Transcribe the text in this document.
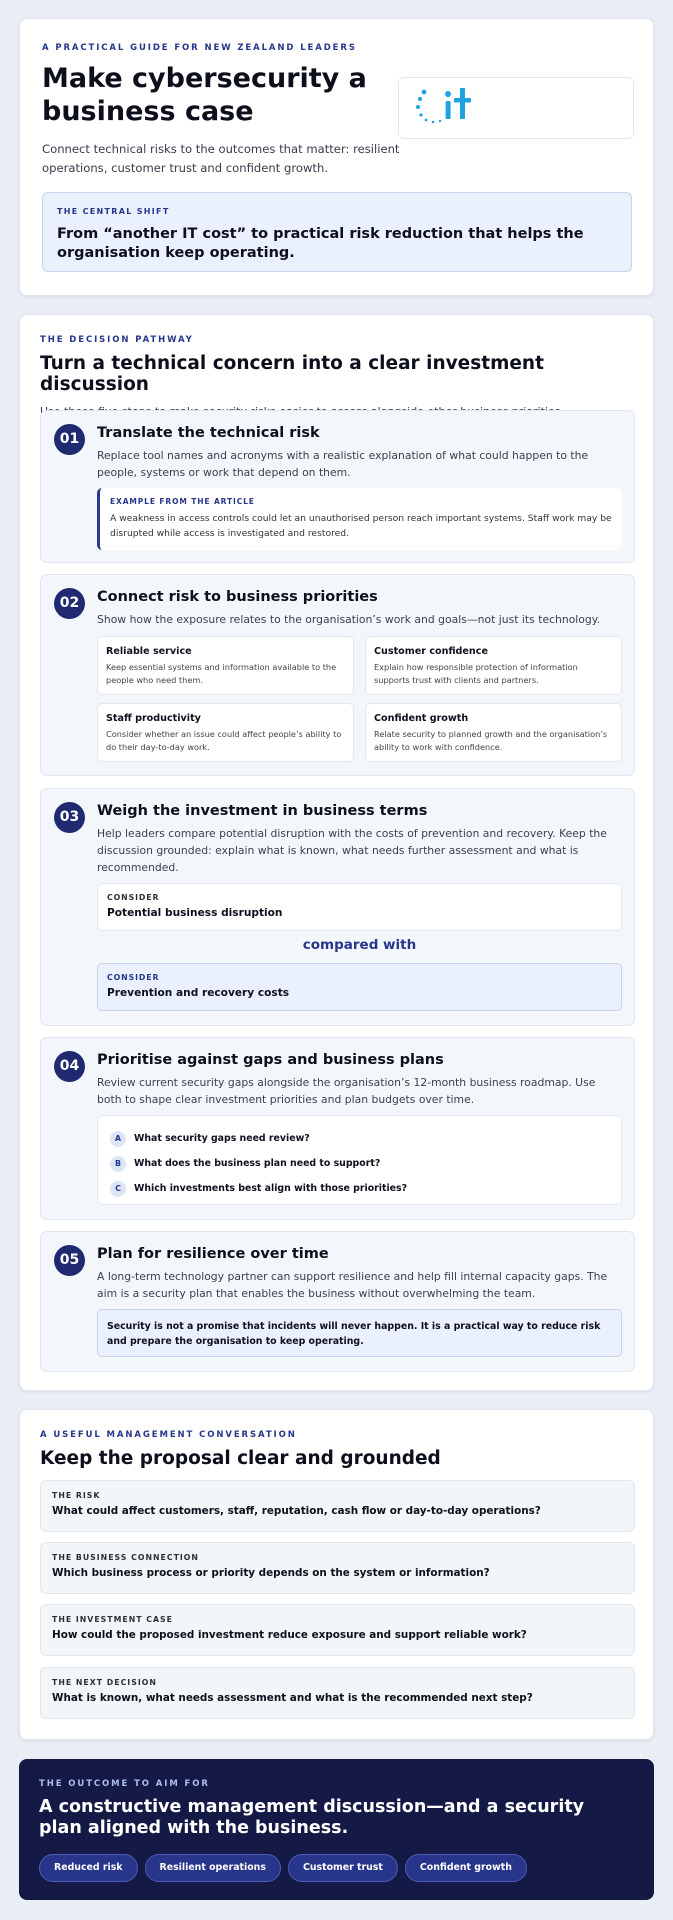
A PRACTICAL GUIDE FOR NEW ZEALAND LEADERS
Make cybersecurity a business case

Connect technical risks to the outcomes that matter: resilient operations, customer trust and confident growth.

THE CENTRAL SHIFT
From “another IT cost” to practical risk reduction that helps the organisation keep operating.
THE DECISION PATHWAY
Turn a technical concern into a clear investment discussion

01	Translate the technical risk
Replace tool names and acronyms with a realistic explanation of what could happen to the people, systems or work that depend on them.
EXAMPLE FROM THE ARTICLE
A weakness in access controls could let an unauthorised person reach important systems. Staff work may be disrupted while access is investigated and restored.
02	Connect risk to business priorities
Show how the exposure relates to the organisation’s work and goals—not just its technology.
Reliable service
Keep essential systems and information available to the people who need them.
Customer confidence
Explain how responsible protection of information supports trust with clients and partners.
Staff productivity
Consider whether an issue could affect people’s ability to do their day-to-day work.
Confident growth
Relate security to planned growth and the organisation’s ability to work with confidence.
03	Weigh the investment in business terms
Help leaders compare potential disruption with the costs of prevention and recovery. Keep the discussion grounded: explain what is known, what needs further assessment and what is recommended.
CONSIDER
Potential business disruption
compared with
CONSIDER
Prevention and recovery costs
04	Prioritise against gaps and business plans
Review current security gaps alongside the organisation’s 12-month business roadmap. Use both to shape clear investment priorities and plan budgets over time.
A	What security gaps need review?
B	What does the business plan need to support?
C	Which investments best align with those priorities?
05	Plan for resilience over time
A long-term technology partner can support resilience and help fill internal capacity gaps. The aim is a security plan that enables the business without overwhelming the team.
Security is not a promise that incidents will never happen. It is a practical way to reduce risk and prepare the organisation to keep operating.
A USEFUL MANAGEMENT CONVERSATION
Keep the proposal clear and grounded
THE RISK
What could affect customers, staff, reputation, cash flow or day-to-day operations?
THE BUSINESS CONNECTION
Which business process or priority depends on the system or information?
THE INVESTMENT CASE
How could the proposed investment reduce exposure and support reliable work?
THE NEXT DECISION
What is known, what needs assessment and what is the recommended next step?
THE OUTCOME TO AIM FOR
A constructive management discussion—and a security plan aligned with the business.
Reduced risk	Resilient operations	Customer trust	Confident growth
